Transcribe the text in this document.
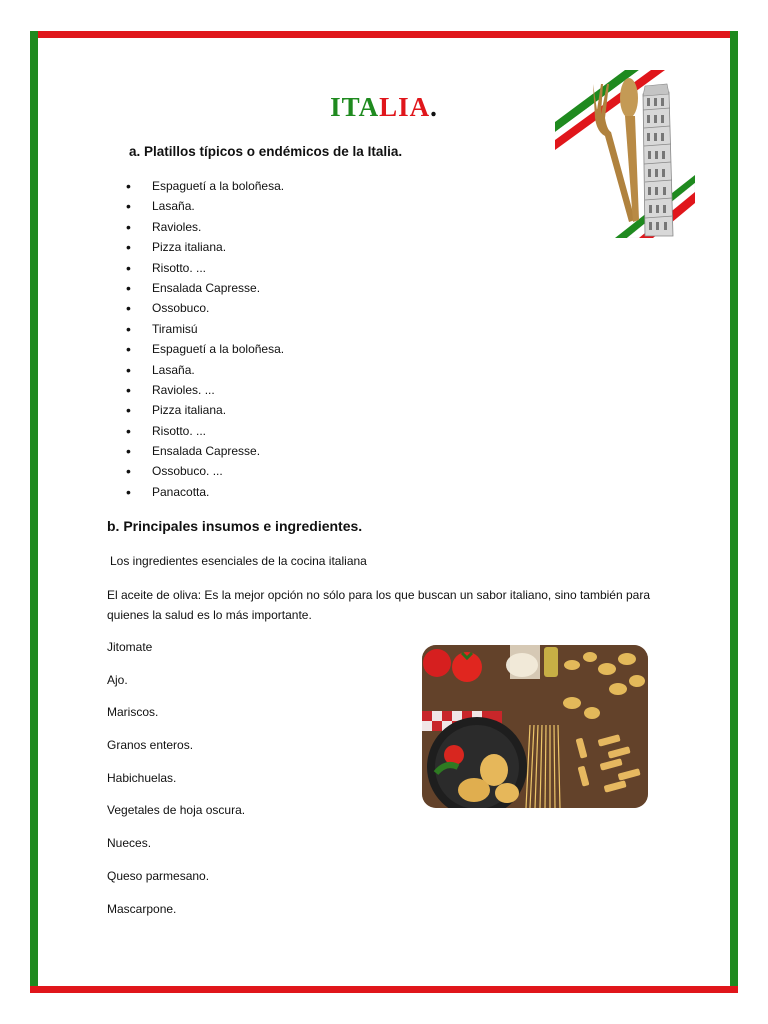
ITALIA.
a. Platillos típicos o endémicos de la Italia.
• Espaguetí a la boloñesa.
• Lasaña.
• Ravioles.
• Pizza italiana.
• Risotto. ...
• Ensalada Capresse.
• Ossobuco.
• Tiramisú
• Espaguetí a la boloñesa.
• Lasaña.
• Ravioles. ...
• Pizza italiana.
• Risotto. ...
• Ensalada Capresse.
• Ossobuco. ...
• Panacotta.
b. Principales insumos e ingredientes.
Los ingredientes esenciales de la cocina italiana
El aceite de oliva: Es la mejor opción no sólo para los que buscan un sabor italiano, sino también para quienes la salud es lo más importante.
Jitomate
Ajo.
Mariscos.
Granos enteros.
Habichuelas.
Vegetales de hoja oscura.
Nueces.
Queso parmesano.
Mascarpone.
